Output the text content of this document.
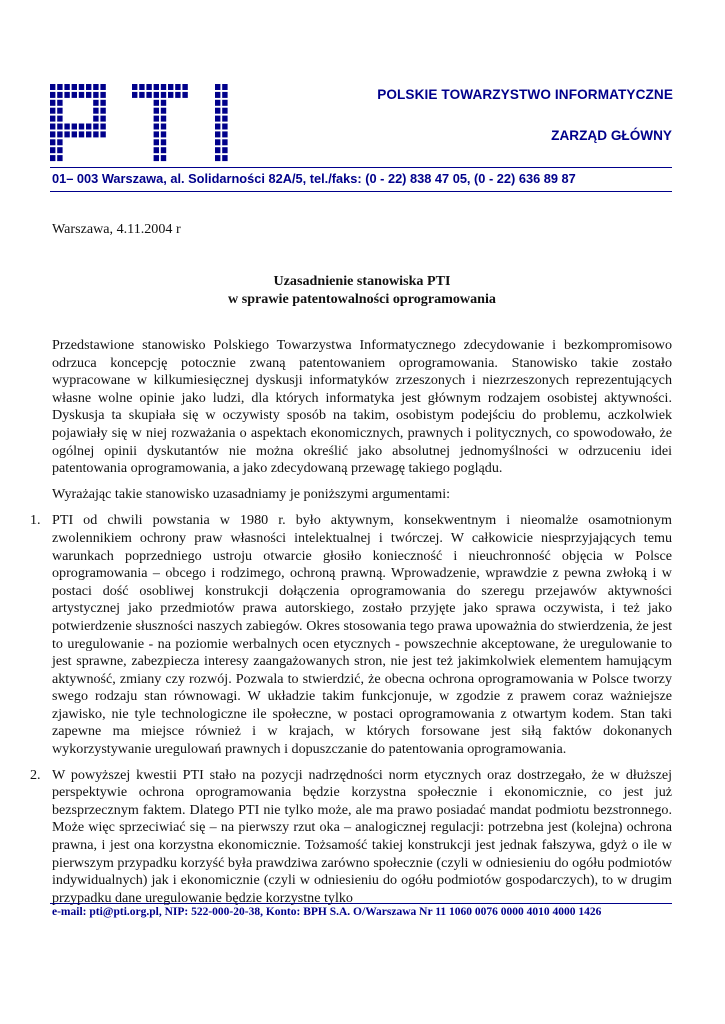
POLSKIE TOWARZYSTWO INFORMATYCZNE
ZARZĄD GŁÓWNY

01– 003 Warszawa, al. Solidarności 82A/5, tel./faks: (0 - 22) 838 47 05, (0 - 22) 636 89 87

Warszawa, 4.11.2004 r

Uzasadnienie stanowiska PTI
w sprawie patentowalności oprogramowania

Przedstawione stanowisko Polskiego Towarzystwa Informatycznego zdecydowanie i bezkompromisowo odrzuca koncepcję potocznie zwaną patentowaniem oprogramowania. Stanowisko takie zostało wypracowane w kilkumiesięcznej dyskusji informatyków zrzeszonych i niezrzeszonych reprezentujących własne wolne opinie jako ludzi, dla których informatyka jest głównym rodzajem osobistej aktywności. Dyskusja ta skupiała się w oczywisty sposób na takim, osobistym podejściu do problemu, aczkolwiek pojawiały się w niej rozważania o aspektach ekonomicznych, prawnych i politycznych, co spowodowało, że ogólnej opinii dyskutantów nie można określić jako absolutnej jednomyślności w odrzuceniu idei patentowania oprogramowania, a jako zdecydowaną przewagę takiego poglądu.

Wyrażając takie stanowisko uzasadniamy je poniższymi argumentami:

1. PTI od chwili powstania w 1980 r. było aktywnym, konsekwentnym i nieomalże osamotnionym zwolennikiem ochrony praw własności intelektualnej i twórczej. W całkowicie niesprzyjających temu warunkach poprzedniego ustroju otwarcie głosiło konieczność i nieuchronność objęcia w Polsce oprogramowania – obcego i rodzimego, ochroną prawną. Wprowadzenie, wprawdzie z pewna zwłoką i w postaci dość osobliwej konstrukcji dołączenia oprogramowania do szeregu przejawów aktywności artystycznej jako przedmiotów prawa autorskiego, zostało przyjęte jako sprawa oczywista, i też jako potwierdzenie słuszności naszych zabiegów. Okres stosowania tego prawa upoważnia do stwierdzenia, że jest to uregulowanie - na poziomie werbalnych ocen etycznych - powszechnie akceptowane, że uregulowanie to jest sprawne, zabezpiecza interesy zaangażowanych stron, nie jest też jakimkolwiek elementem hamującym aktywność, zmiany czy rozwój. Pozwala to stwierdzić, że obecna ochrona oprogramowania w Polsce tworzy swego rodzaju stan równowagi. W układzie takim funkcjonuje, w zgodzie z prawem coraz ważniejsze zjawisko, nie tyle technologiczne ile społeczne, w postaci oprogramowania z otwartym kodem. Stan taki zapewne ma miejsce również i w krajach, w których forsowane jest siłą faktów dokonanych wykorzystywanie uregulowań prawnych i dopuszczanie do patentowania oprogramowania.
2. W powyższej kwestii PTI stało na pozycji nadrzędności norm etycznych oraz dostrzegało, że w dłuższej perspektywie ochrona oprogramowania będzie korzystna społecznie i ekonomicznie, co jest już bezsprzecznym faktem. Dlatego PTI nie tylko może, ale ma prawo posiadać mandat podmiotu bezstronnego. Może więc sprzeciwiać się – na pierwszy rzut oka – analogicznej regulacji: potrzebna jest (kolejna) ochrona prawna, i jest ona korzystna ekonomicznie. Tożsamość takiej konstrukcji jest jednak fałszywa, gdyż o ile w pierwszym przypadku korzyść była prawdziwa zarówno społecznie (czyli w odniesieniu do ogółu podmiotów indywidualnych) jak i ekonomicznie (czyli w odniesieniu do ogółu podmiotów gospodarczych), to w drugim przypadku dane uregulowanie będzie korzystne tylko

e-mail: pti@pti.org.pl, NIP: 522-000-20-38, Konto: BPH S.A. O/Warszawa Nr 11 1060 0076 0000 4010 4000 1426
